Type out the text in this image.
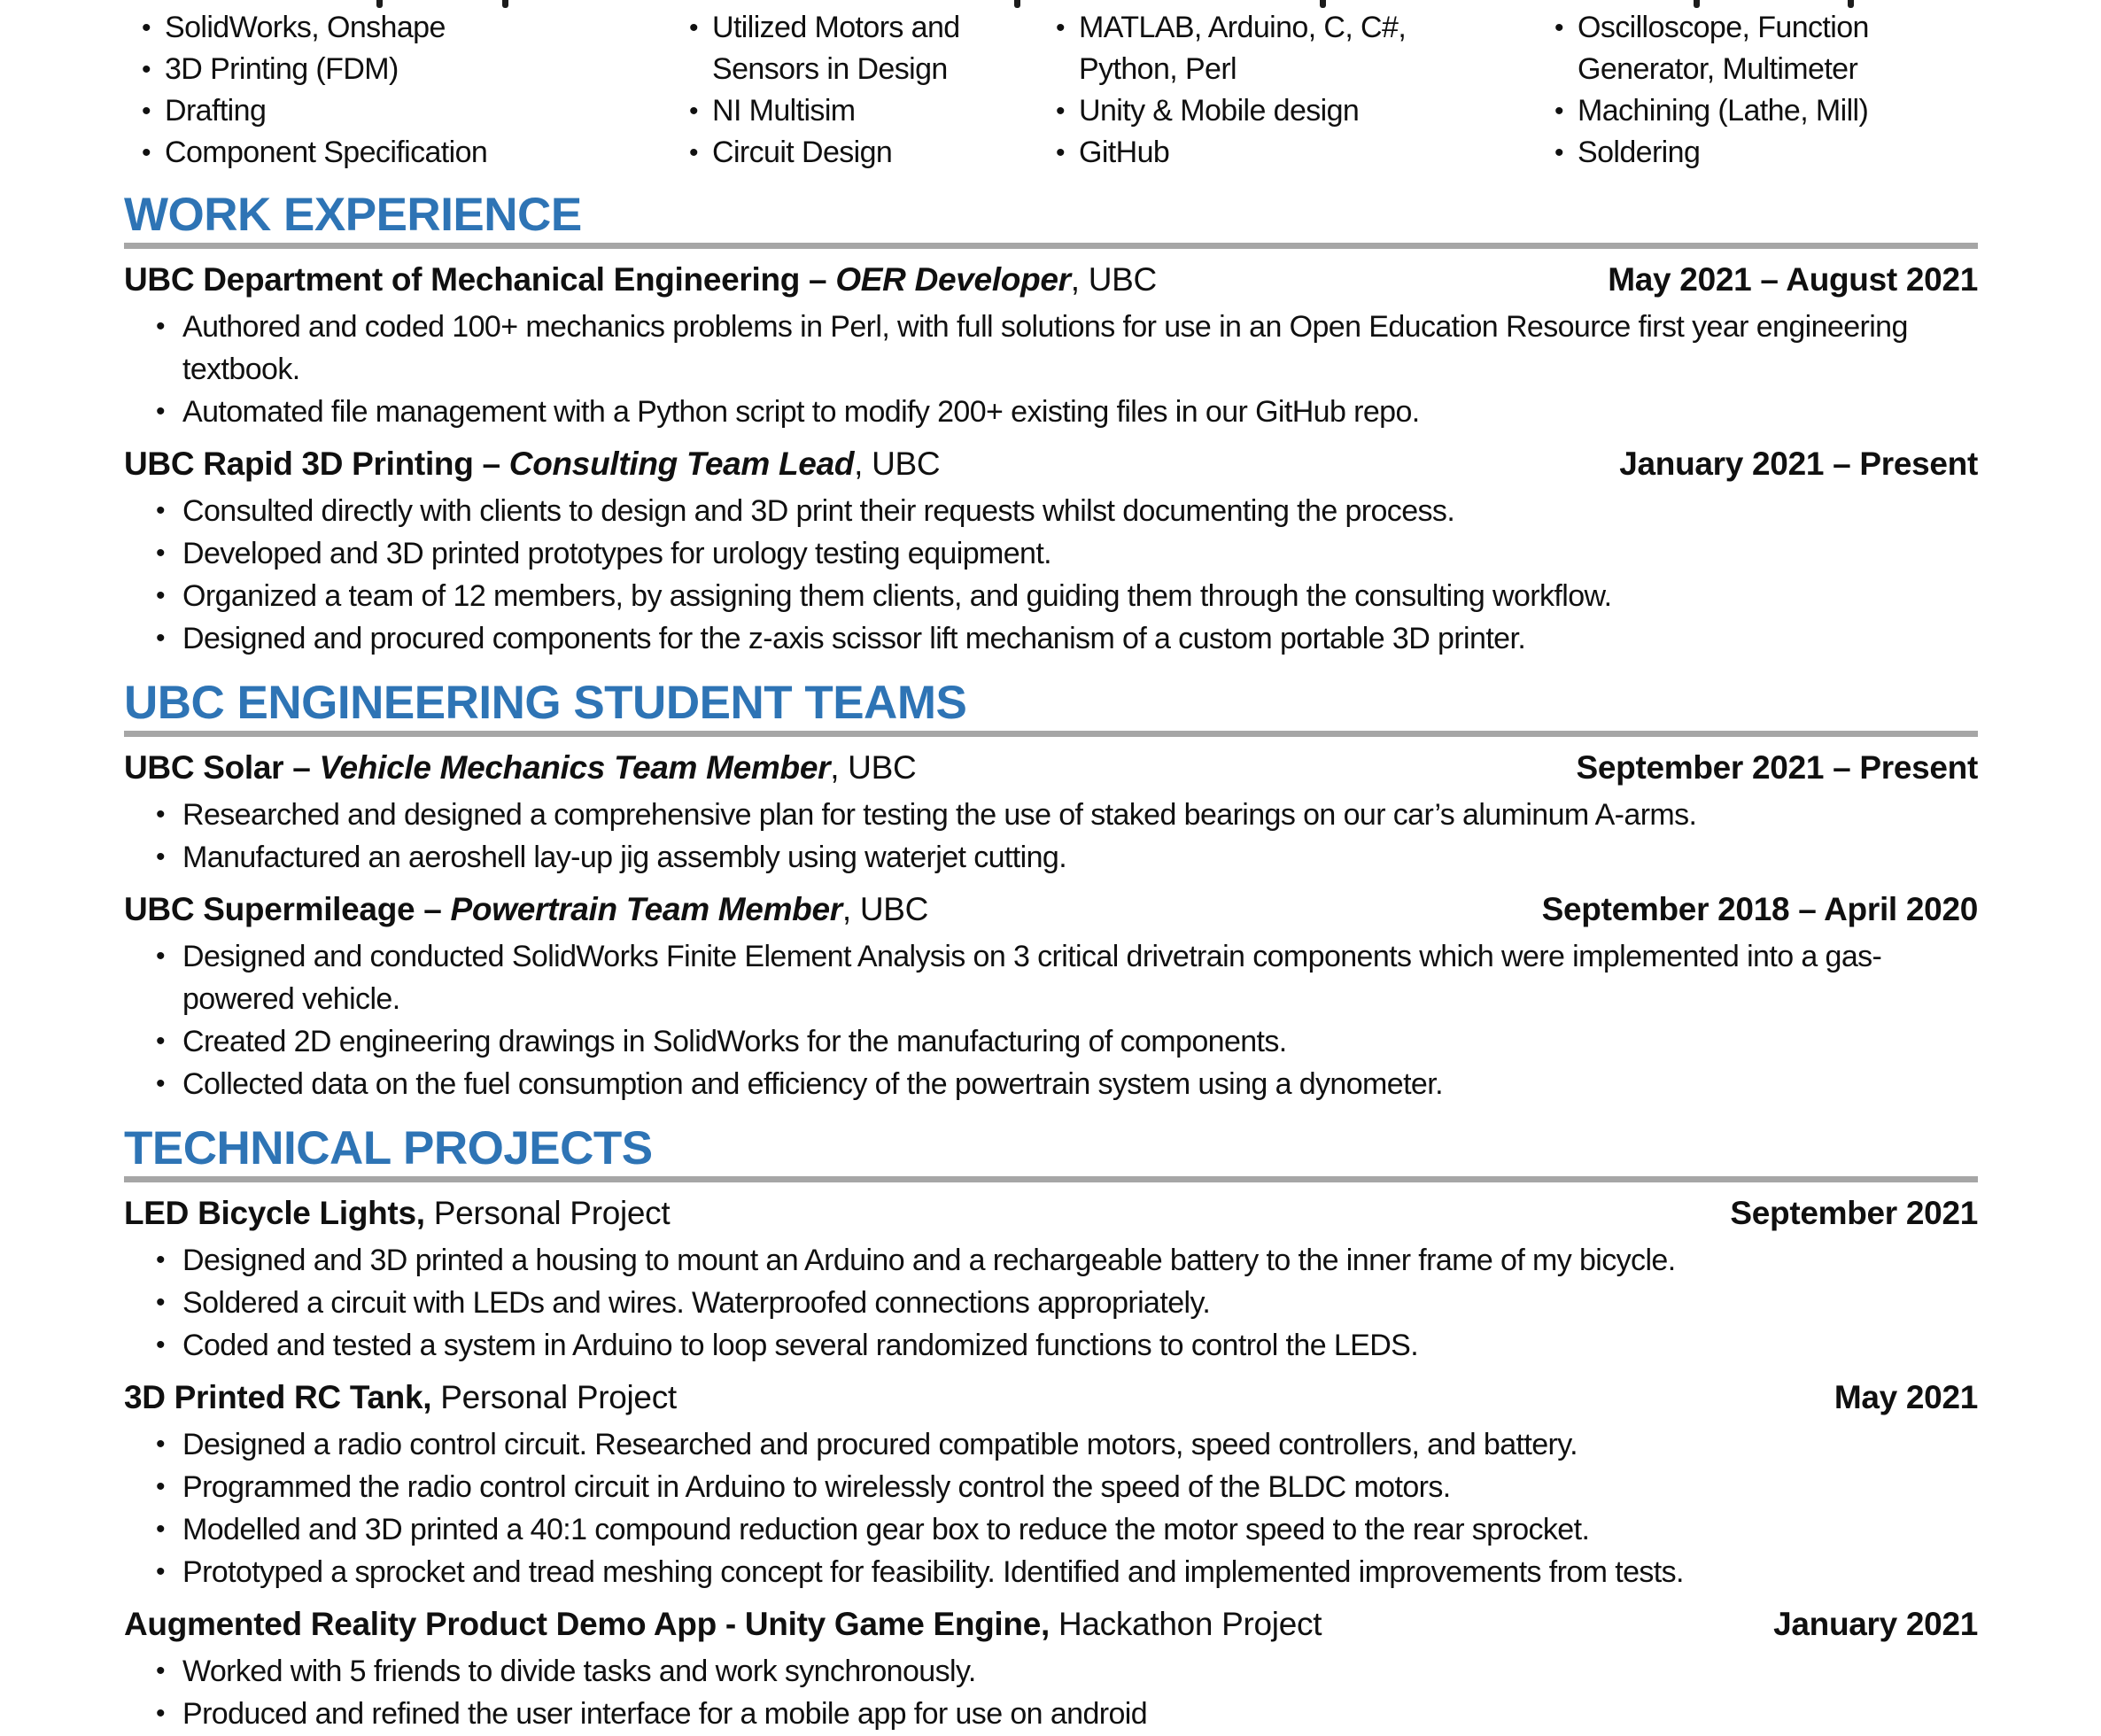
• SolidWorks, Onshape
• 3D Printing (FDM)
• Drafting
• Component Specification
• Utilized Motors and Sensors in Design
• NI Multisim
• Circuit Design
• MATLAB, Arduino, C, C#, Python, Perl
• Unity & Mobile design
• GitHub
• Oscilloscope, Function Generator, Multimeter
• Machining (Lathe, Mill)
• Soldering
WORK EXPERIENCE
UBC Department of Mechanical Engineering – OER Developer, UBC	May 2021 – August 2021
• Authored and coded 100+ mechanics problems in Perl, with full solutions for use in an Open Education Resource first year engineering textbook.
• Automated file management with a Python script to modify 200+ existing files in our GitHub repo.
UBC Rapid 3D Printing – Consulting Team Lead, UBC	January 2021 – Present
• Consulted directly with clients to design and 3D print their requests whilst documenting the process.
• Developed and 3D printed prototypes for urology testing equipment.
• Organized a team of 12 members, by assigning them clients, and guiding them through the consulting workflow.
• Designed and procured components for the z-axis scissor lift mechanism of a custom portable 3D printer.
UBC ENGINEERING STUDENT TEAMS
UBC Solar – Vehicle Mechanics Team Member, UBC	September 2021 – Present
• Researched and designed a comprehensive plan for testing the use of staked bearings on our car’s aluminum A-arms.
• Manufactured an aeroshell lay-up jig assembly using waterjet cutting.
UBC Supermileage – Powertrain Team Member, UBC	September 2018 – April 2020
• Designed and conducted SolidWorks Finite Element Analysis on 3 critical drivetrain components which were implemented into a gas-powered vehicle.
• Created 2D engineering drawings in SolidWorks for the manufacturing of components.
• Collected data on the fuel consumption and efficiency of the powertrain system using a dynometer.
TECHNICAL PROJECTS
LED Bicycle Lights, Personal Project	September 2021
• Designed and 3D printed a housing to mount an Arduino and a rechargeable battery to the inner frame of my bicycle.
• Soldered a circuit with LEDs and wires. Waterproofed connections appropriately.
• Coded and tested a system in Arduino to loop several randomized functions to control the LEDS.
3D Printed RC Tank, Personal Project	May 2021
• Designed a radio control circuit. Researched and procured compatible motors, speed controllers, and battery.
• Programmed the radio control circuit in Arduino to wirelessly control the speed of the BLDC motors.
• Modelled and 3D printed a 40:1 compound reduction gear box to reduce the motor speed to the rear sprocket.
• Prototyped a sprocket and tread meshing concept for feasibility. Identified and implemented improvements from tests.
Augmented Reality Product Demo App - Unity Game Engine, Hackathon Project	January 2021
• Worked with 5 friends to divide tasks and work synchronously.
• Produced and refined the user interface for a mobile app for use on android
